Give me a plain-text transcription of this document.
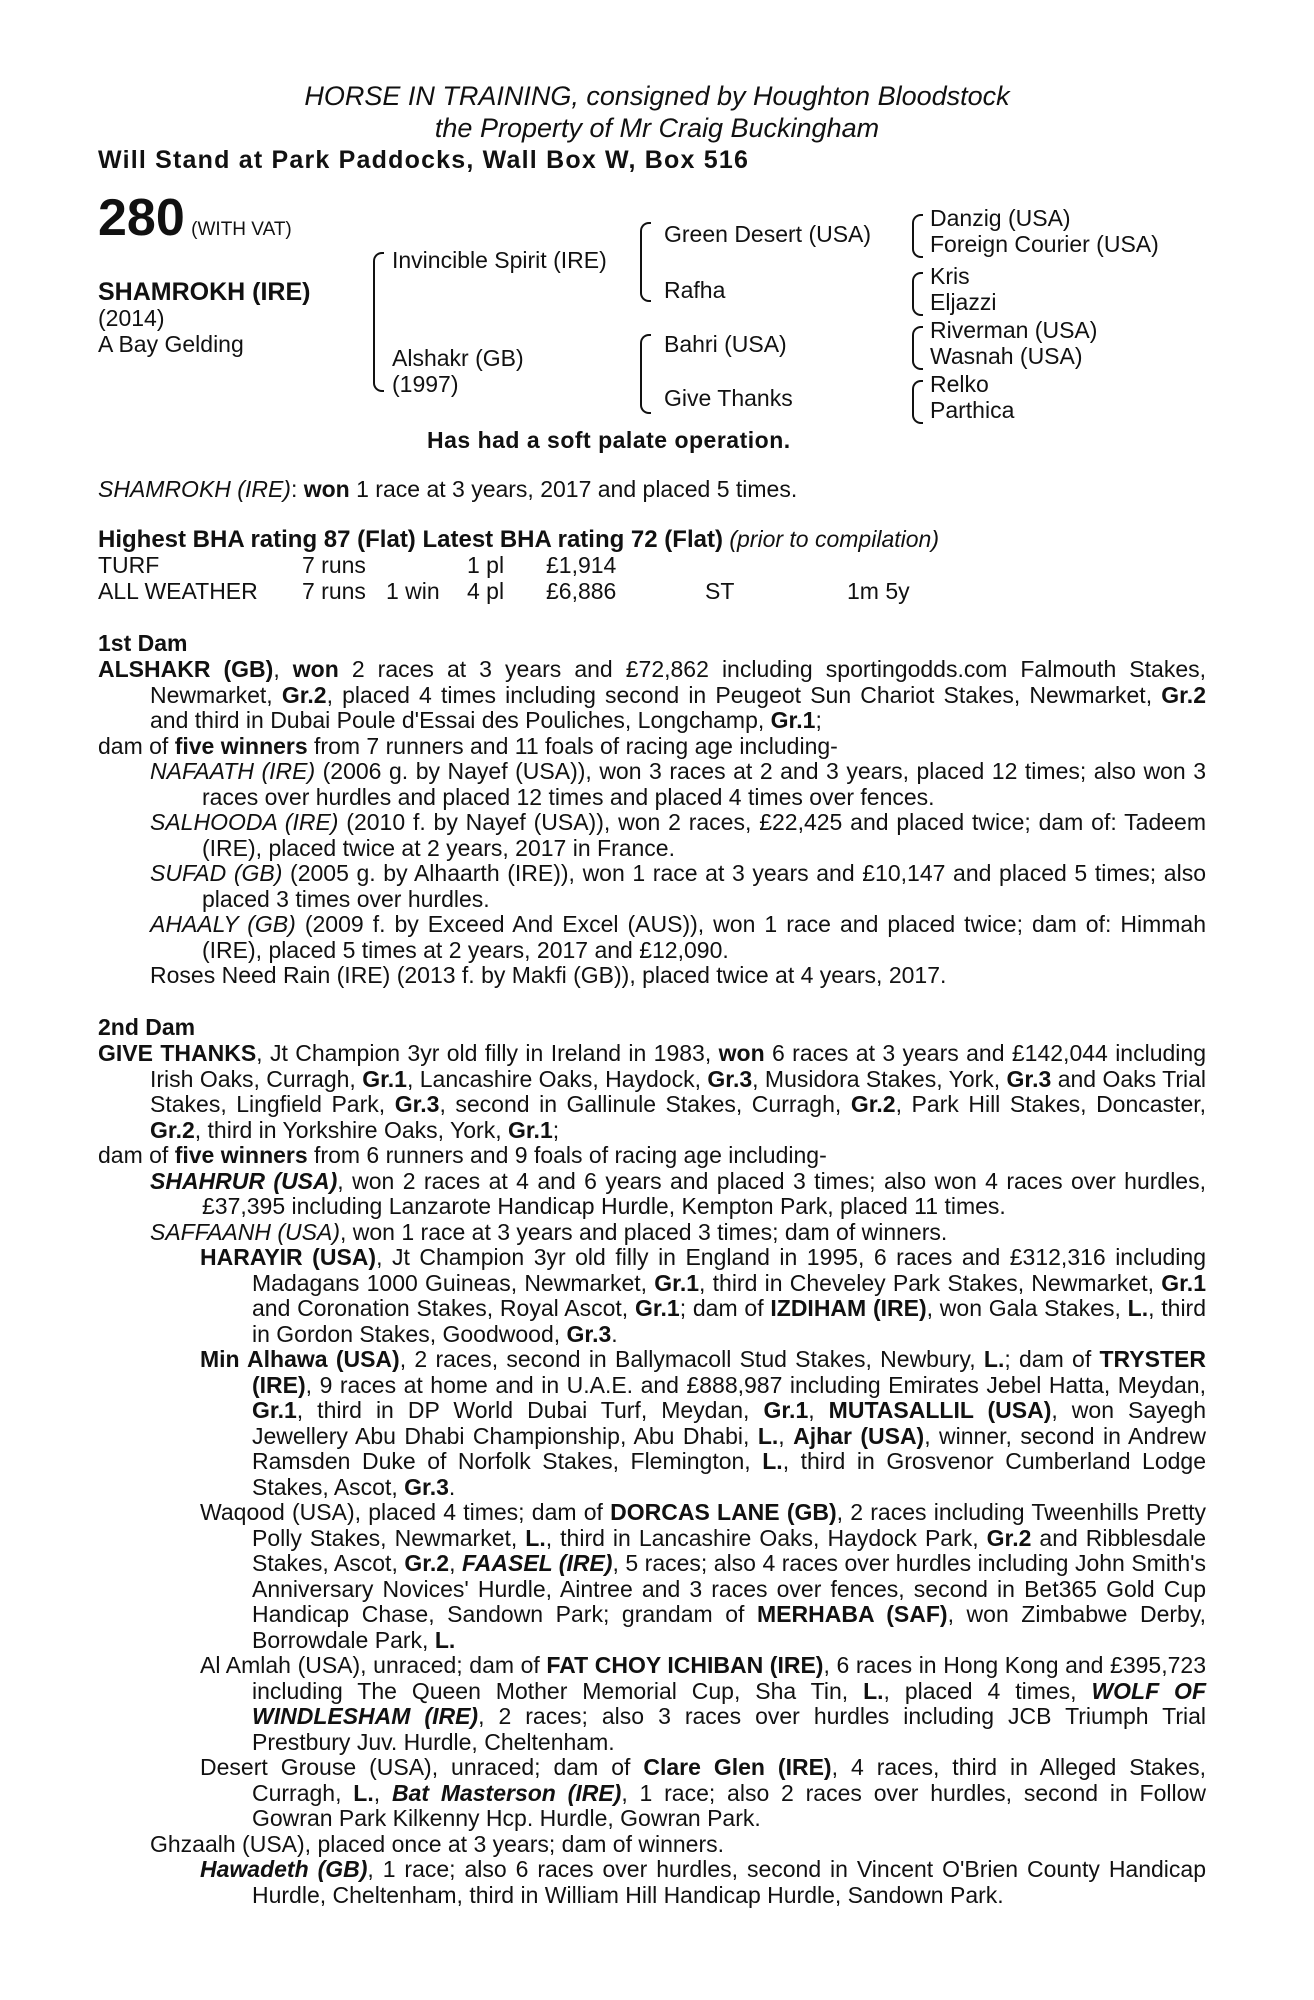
HORSE IN TRAINING, consigned by Houghton Bloodstock
the Property of Mr Craig Buckingham
Will Stand at Park Paddocks, Wall Box W, Box 516
280 (WITH VAT)
SHAMROKH (IRE)
(2014)
A Bay Gelding
Invincible Spirit (IRE)
Alshakr (GB)
(1997)
Green Desert (USA)
Rafha
Bahri (USA)
Give Thanks
Danzig (USA)
Foreign Courier (USA)
Kris
Eljazzi
Riverman (USA)
Wasnah (USA)
Relko
Parthica
Has had a soft palate operation.
SHAMROKH (IRE): won 1 race at 3 years, 2017 and placed 5 times.
Highest BHA rating 87 (Flat) Latest BHA rating 72 (Flat) (prior to compilation)
TURF	7 runs	1 pl £1,914
ALL WEATHER 7 runs 1 win 4 pl £6,886	ST	1m 5y
1st Dam

ALSHAKR (GB), won 2 races at 3 years and £72,862 including sportingodds.com Falmouth Stakes, Newmarket, Gr.2, placed 4 times including second in Peugeot Sun Chariot Stakes, Newmarket, Gr.2 and third in Dubai Poule d'Essai des Pouliches, Longchamp, Gr.1;

dam of five winners from 7 runners and 11 foals of racing age including-

NAFAATH (IRE) (2006 g. by Nayef (USA)), won 3 races at 2 and 3 years, placed 12 times; also won 3 races over hurdles and placed 12 times and placed 4 times over fences.

SALHOODA (IRE) (2010 f. by Nayef (USA)), won 2 races, £22,425 and placed twice; dam of: Tadeem (IRE), placed twice at 2 years, 2017 in France.

SUFAD (GB) (2005 g. by Alhaarth (IRE)), won 1 race at 3 years and £10,147 and placed 5 times; also placed 3 times over hurdles.

AHAALY (GB) (2009 f. by Exceed And Excel (AUS)), won 1 race and placed twice; dam of: Himmah (IRE), placed 5 times at 2 years, 2017 and £12,090.

Roses Need Rain (IRE) (2013 f. by Makfi (GB)), placed twice at 4 years, 2017.

2nd Dam

GIVE THANKS, Jt Champion 3yr old filly in Ireland in 1983, won 6 races at 3 years and £142,044 including Irish Oaks, Curragh, Gr.1, Lancashire Oaks, Haydock, Gr.3, Musidora Stakes, York, Gr.3 and Oaks Trial Stakes, Lingfield Park, Gr.3, second in Gallinule Stakes, Curragh, Gr.2, Park Hill Stakes, Doncaster, Gr.2, third in Yorkshire Oaks, York, Gr.1;

dam of five winners from 6 runners and 9 foals of racing age including-

SHAHRUR (USA), won 2 races at 4 and 6 years and placed 3 times; also won 4 races over hurdles, £37,395 including Lanzarote Handicap Hurdle, Kempton Park, placed 11 times.

SAFFAANH (USA), won 1 race at 3 years and placed 3 times; dam of winners.

HARAYIR (USA), Jt Champion 3yr old filly in England in 1995, 6 races and £312,316 including Madagans 1000 Guineas, Newmarket, Gr.1, third in Cheveley Park Stakes, Newmarket, Gr.1 and Coronation Stakes, Royal Ascot, Gr.1; dam of IZDIHAM (IRE), won Gala Stakes, L., third in Gordon Stakes, Goodwood, Gr.3.

Min Alhawa (USA), 2 races, second in Ballymacoll Stud Stakes, Newbury, L.; dam of TRYSTER (IRE), 9 races at home and in U.A.E. and £888,987 including Emirates Jebel Hatta, Meydan, Gr.1, third in DP World Dubai Turf, Meydan, Gr.1, MUTASALLIL (USA), won Sayegh Jewellery Abu Dhabi Championship, Abu Dhabi, L., Ajhar (USA), winner, second in Andrew Ramsden Duke of Norfolk Stakes, Flemington, L., third in Grosvenor Cumberland Lodge Stakes, Ascot, Gr.3.

Waqood (USA), placed 4 times; dam of DORCAS LANE (GB), 2 races including Tweenhills Pretty Polly Stakes, Newmarket, L., third in Lancashire Oaks, Haydock Park, Gr.2 and Ribblesdale Stakes, Ascot, Gr.2, FAASEL (IRE), 5 races; also 4 races over hurdles including John Smith's Anniversary Novices' Hurdle, Aintree and 3 races over fences, second in Bet365 Gold Cup Handicap Chase, Sandown Park; grandam of MERHABA (SAF), won Zimbabwe Derby, Borrowdale Park, L.

Al Amlah (USA), unraced; dam of FAT CHOY ICHIBAN (IRE), 6 races in Hong Kong and £395,723 including The Queen Mother Memorial Cup, Sha Tin, L., placed 4 times, WOLF OF WINDLESHAM (IRE), 2 races; also 3 races over hurdles including JCB Triumph Trial Prestbury Juv. Hurdle, Cheltenham.

Desert Grouse (USA), unraced; dam of Clare Glen (IRE), 4 races, third in Alleged Stakes, Curragh, L., Bat Masterson (IRE), 1 race; also 2 races over hurdles, second in Follow Gowran Park Kilkenny Hcp. Hurdle, Gowran Park.

Ghzaalh (USA), placed once at 3 years; dam of winners.

Hawadeth (GB), 1 race; also 6 races over hurdles, second in Vincent O'Brien County Handicap Hurdle, Cheltenham, third in William Hill Handicap Hurdle, Sandown Park.
